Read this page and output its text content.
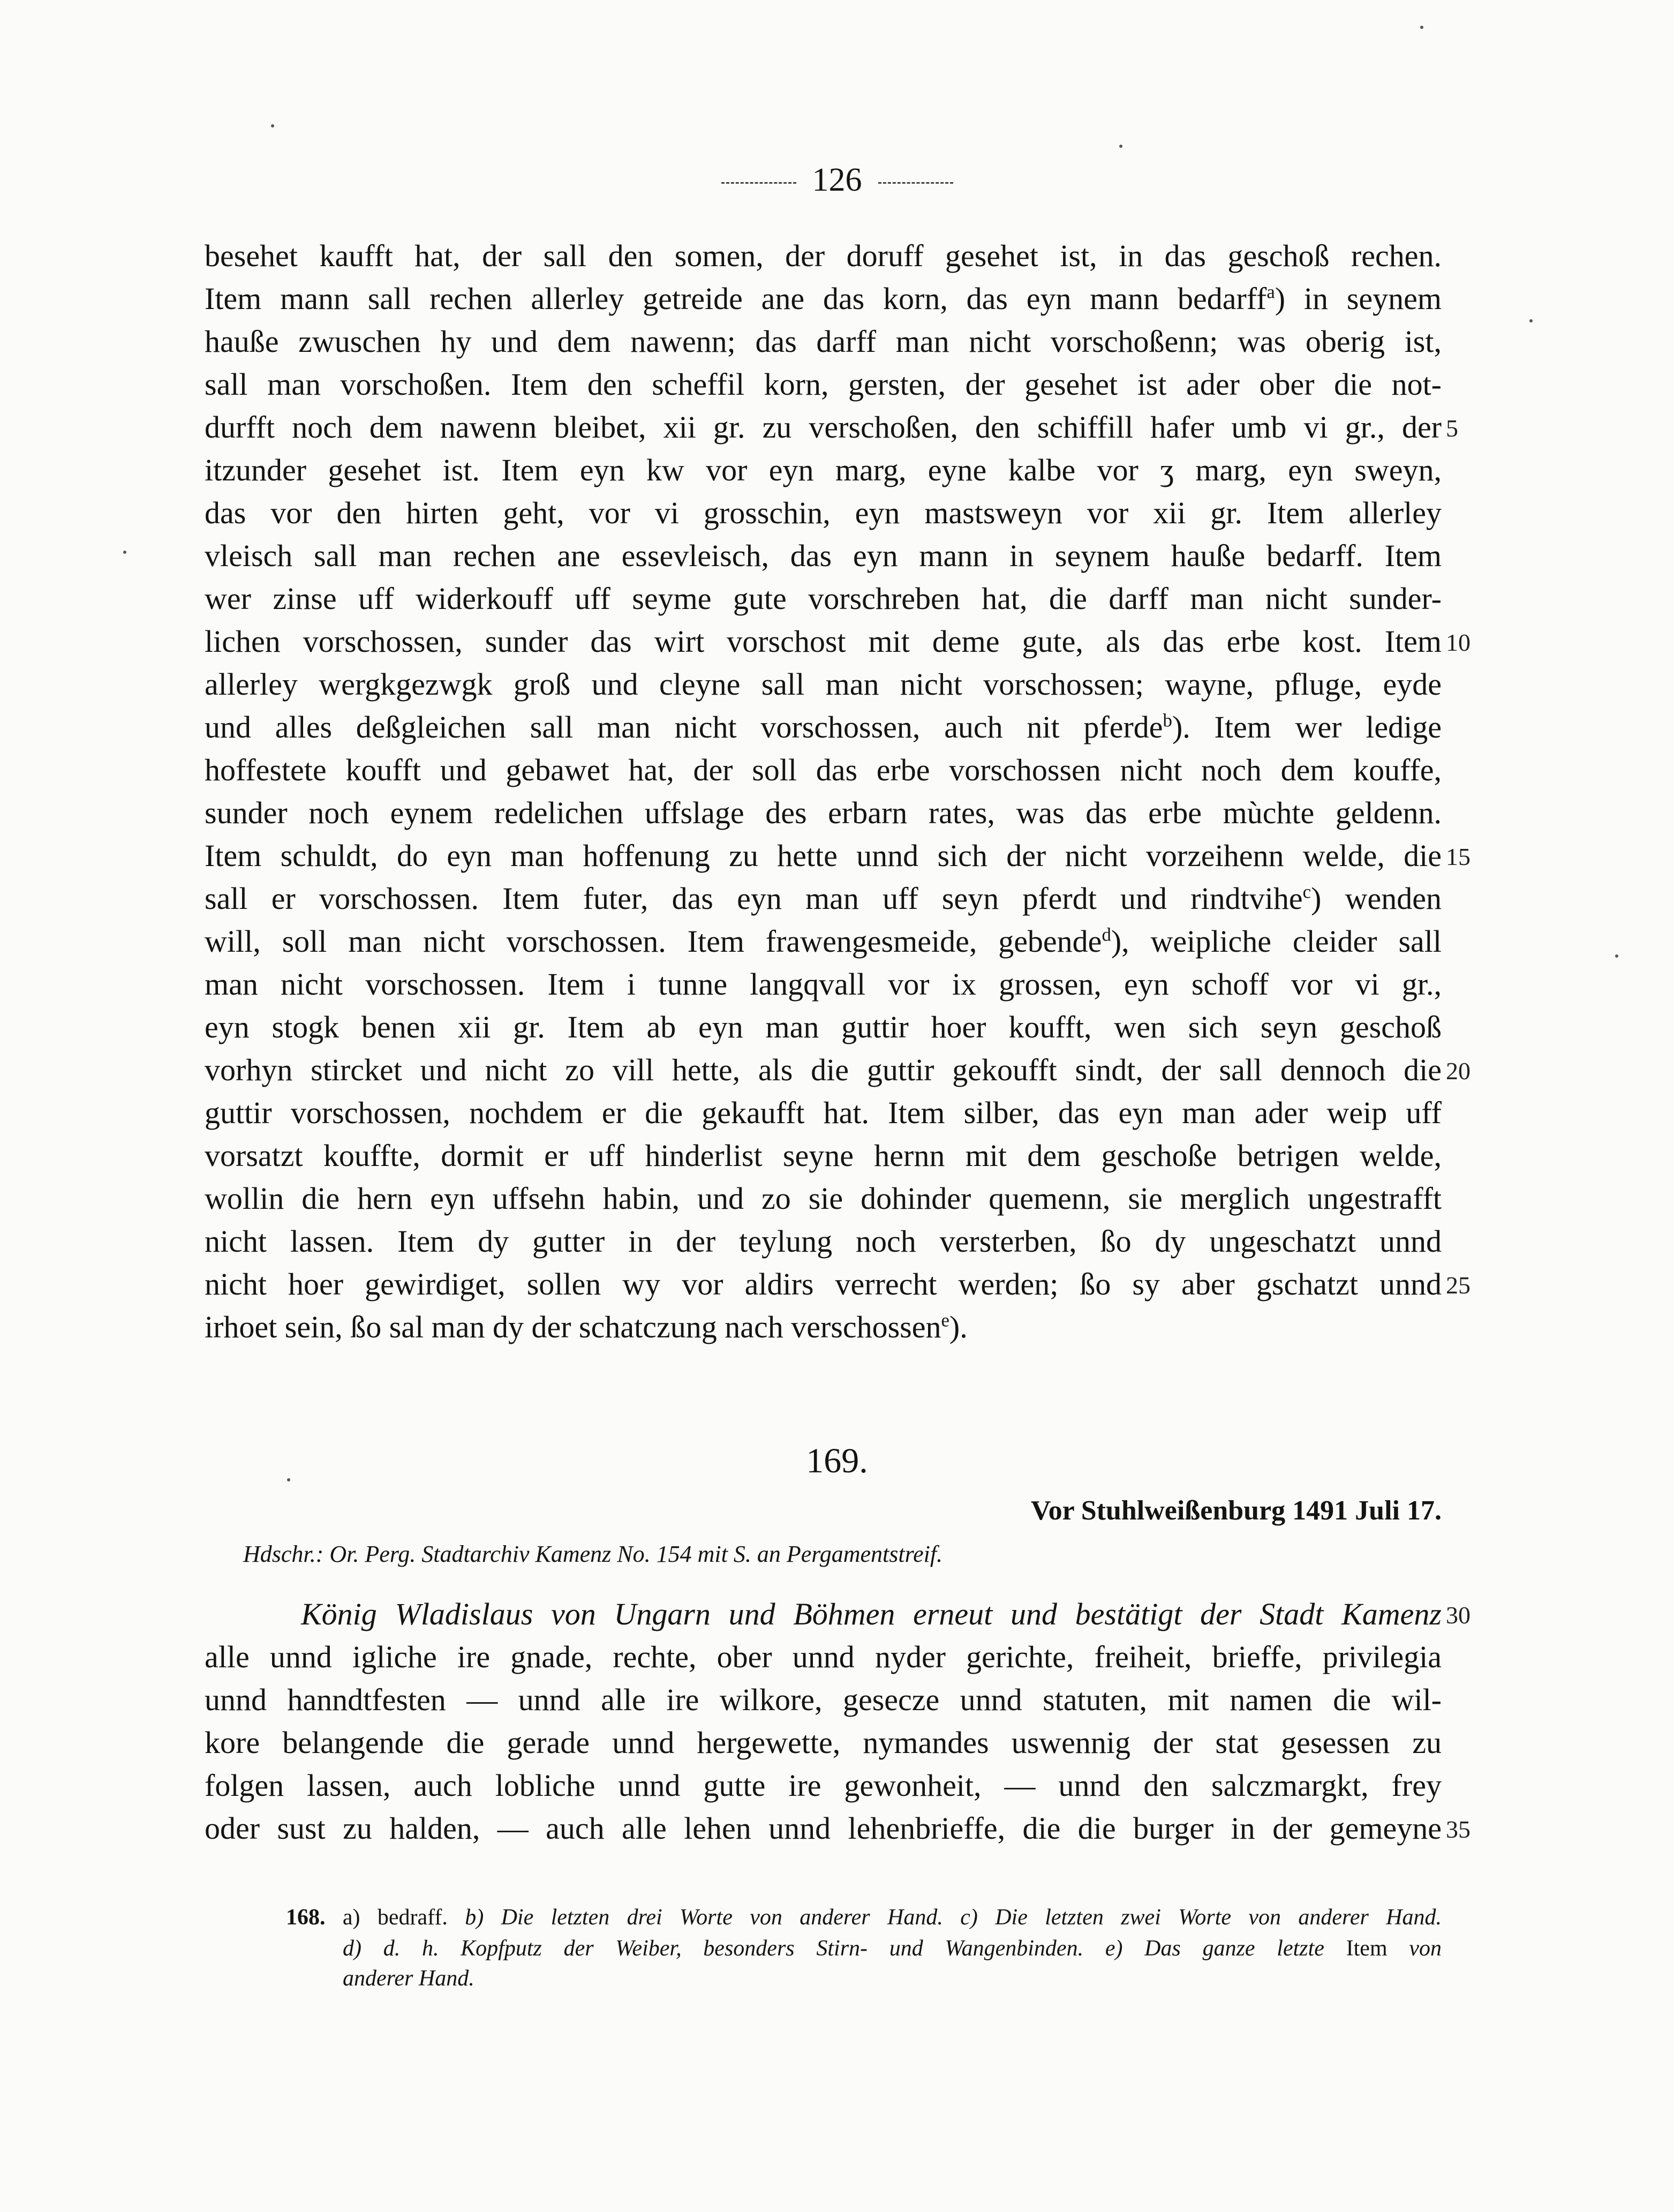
126
besehet kaufft hat, der sall den somen, der doruff gesehet ist, in das geschoß rechen.
Item mann sall rechen allerley getreide ane das korn, das eyn mann bedarff$^a$) in seynem
hauße zwuschen hy und dem nawenn; das darff man nicht vorschoßenn; was oberig ist,
sall man vorschoßen. Item den scheffil korn, gersten, der gesehet ist ader ober die not-
durfft noch dem nawenn bleibet, xii gr. zu verschoßen, den schiffill hafer umb vi gr., der
itzunder gesehet ist. Item eyn kw vor eyn marg, eyne kalbe vor ʒ marg, eyn sweyn,
das vor den hirten geht, vor vi grosschin, eyn mastsweyn vor xii gr. Item allerley
vleisch sall man rechen ane essevleisch, das eyn mann in seynem hauße bedarff. Item
wer zinse uff widerkouff uff seyme gute vorschreben hat, die darff man nicht sunder-
lichen vorschossen, sunder das wirt vorschost mit deme gute, als das erbe kost. Item
allerley wergkgezwgk groß und cleyne sall man nicht vorschossen; wayne, pfluge, eyde
und alles deßgleichen sall man nicht vorschossen, auch nit pferde$^b$). Item wer ledige
hoffestete koufft und gebawet hat, der soll das erbe vorschossen nicht noch dem kouffe,
sunder noch eynem redelichen uffslage des erbarn rates, was das erbe mùchte geldenn.
Item schuldt, do eyn man hoffenung zu hette unnd sich der nicht vorzeihenn welde, die
sall er vorschossen. Item futer, das eyn man uff seyn pferdt und rindtvihe$^c$) wenden
will, soll man nicht vorschossen. Item frawengesmeide, gebende$^d$), weipliche cleider sall
man nicht vorschossen. Item i tunne langqvall vor ix grossen, eyn schoff vor vi gr.,
eyn stogk benen xii gr. Item ab eyn man guttir hoer koufft, wen sich seyn geschoß
vorhyn stircket und nicht zo vill hette, als die guttir gekoufft sindt, der sall dennoch die
guttir vorschossen, nochdem er die gekaufft hat. Item silber, das eyn man ader weip uff
vorsatzt kouffte, dormit er uff hinderlist seyne hernn mit dem geschoße betrigen welde,
wollin die hern eyn uffsehn habin, und zo sie dohinder quemenn, sie merglich ungestrafft
nicht lassen. Item dy gutter in der teylung noch versterben, ßo dy ungeschatzt unnd
nicht hoer gewirdiget, sollen wy vor aldirs verrecht werden; ßo sy aber gschatzt unnd
irhoet sein, ßo sal man dy der schatczung nach verschossen$^e$).
5
10
15
20
25
30
35
169.
Vor Stuhlweißenburg 1491 Juli 17.
Hdschr.: Or. Perg. Stadtarchiv Kamenz No. 154 mit S. an Pergamentstreif.
König Wladislaus von Ungarn und Böhmen erneut und bestätigt der Stadt Kamenz
alle unnd igliche ire gnade, rechte, ober unnd nyder gerichte, freiheit, brieffe, privilegia
unnd hanndtfesten — unnd alle ire wilkore, gesecze unnd statuten, mit namen die wil-
kore belangende die gerade unnd hergewette, nymandes uswennig der stat gesessen zu
folgen lassen, auch lobliche unnd gutte ire gewonheit, — unnd den salczmargkt, frey
oder sust zu halden, — auch alle lehen unnd lehenbrieffe, die die burger in der gemeyne
168. a) bedraff. b) Die letzten drei Worte von anderer Hand. c) Die letzten zwei Worte von anderer Hand.
d) d. h. Kopfputz der Weiber, besonders Stirn- und Wangenbinden. e) Das ganze letzte Item von
anderer Hand.
